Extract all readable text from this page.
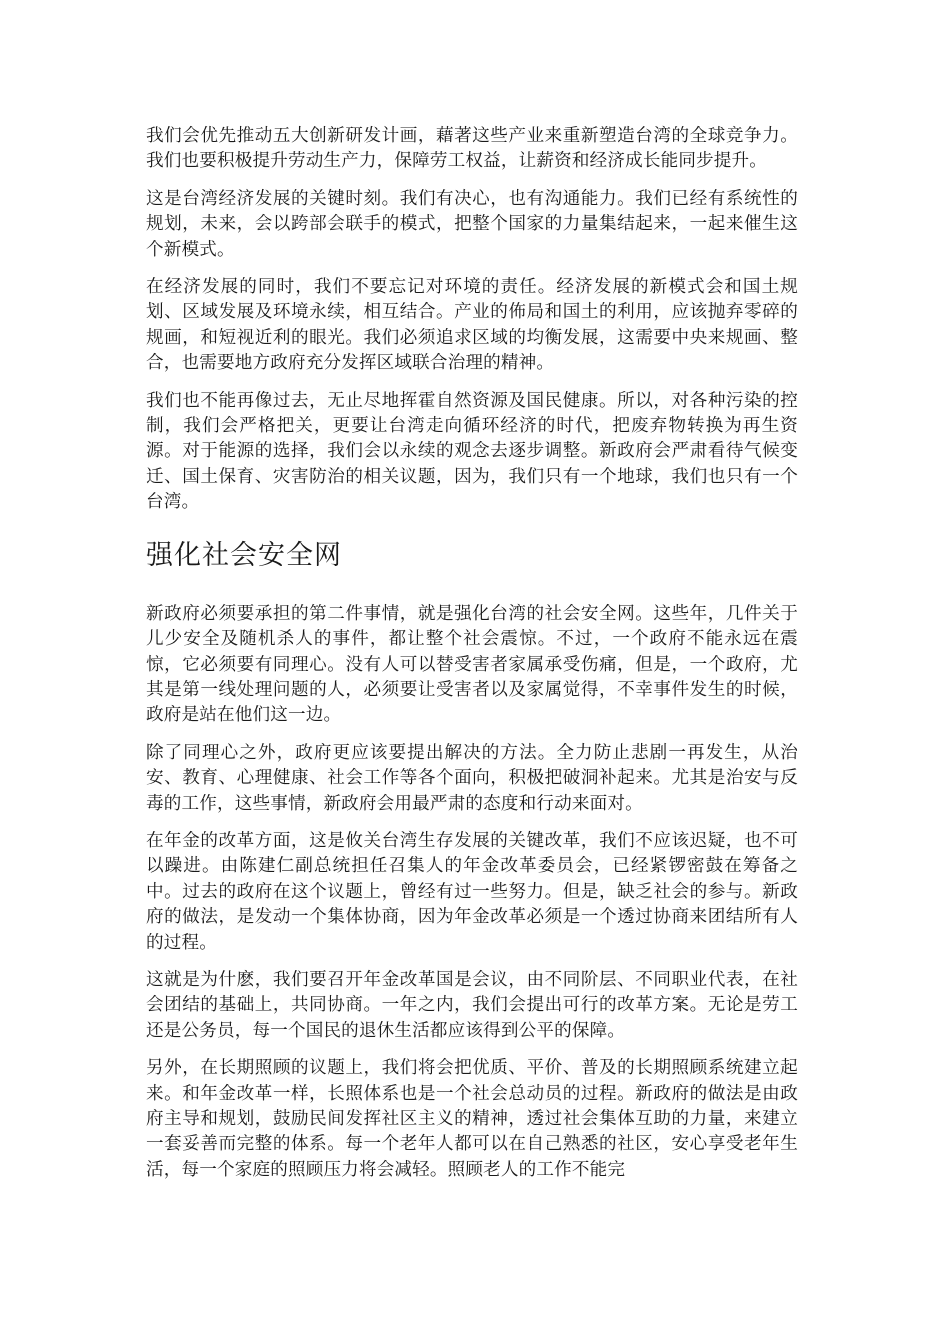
我们会优先推动五大创新研发计画，藉著这些产业来重新塑造台湾的全球竞争力。我们也要积极提升劳动生产力，保障劳工权益，让薪资和经济成长能同步提升。

这是台湾经济发展的关键时刻。我们有决心，也有沟通能力。我们已经有系统性的规划，未来，会以跨部会联手的模式，把整个国家的力量集结起来，一起来催生这个新模式。

在经济发展的同时，我们不要忘记对环境的责任。经济发展的新模式会和国土规划、区域发展及环境永续，相互结合。产业的佈局和国土的利用，应该抛弃零碎的规画，和短视近利的眼光。我们必须追求区域的均衡发展，这需要中央来规画、整合，也需要地方政府充分发挥区域联合治理的精神。

我们也不能再像过去，无止尽地挥霍自然资源及国民健康。所以，对各种污染的控制，我们会严格把关，更要让台湾走向循环经济的时代，把废弃物转换为再生资源。对于能源的选择，我们会以永续的观念去逐步调整。新政府会严肃看待气候变迁、国土保育、灾害防治的相关议题，因为，我们只有一个地球，我们也只有一个台湾。

强化社会安全网

新政府必须要承担的第二件事情，就是强化台湾的社会安全网。这些年，几件关于儿少安全及随机杀人的事件，都让整个社会震惊。不过，一个政府不能永远在震惊，它必须要有同理心。没有人可以替受害者家属承受伤痛，但是，一个政府，尤其是第一线处理问题的人，必须要让受害者以及家属觉得，不幸事件发生的时候，政府是站在他们这一边。

除了同理心之外，政府更应该要提出解决的方法。全力防止悲剧一再发生，从治安、教育、心理健康、社会工作等各个面向，积极把破洞补起来。尤其是治安与反毒的工作，这些事情，新政府会用最严肃的态度和行动来面对。

在年金的改革方面，这是攸关台湾生存发展的关键改革，我们不应该迟疑，也不可以躁进。由陈建仁副总统担任召集人的年金改革委员会，已经紧锣密鼓在筹备之中。过去的政府在这个议题上，曾经有过一些努力。但是，缺乏社会的参与。新政府的做法，是发动一个集体协商，因为年金改革必须是一个透过协商来团结所有人的过程。

这就是为什麽，我们要召开年金改革国是会议，由不同阶层、不同职业代表，在社会团结的基础上，共同协商。一年之内，我们会提出可行的改革方案。无论是劳工还是公务员，每一个国民的退休生活都应该得到公平的保障。

另外，在长期照顾的议题上，我们将会把优质、平价、普及的长期照顾系统建立起来。和年金改革一样，长照体系也是一个社会总动员的过程。新政府的做法是由政府主导和规划，鼓励民间发挥社区主义的精神，透过社会集体互助的力量，来建立一套妥善而完整的体系。每一个老年人都可以在自己熟悉的社区，安心享受老年生活，每一个家庭的照顾压力将会减轻。照顾老人的工作不能完
